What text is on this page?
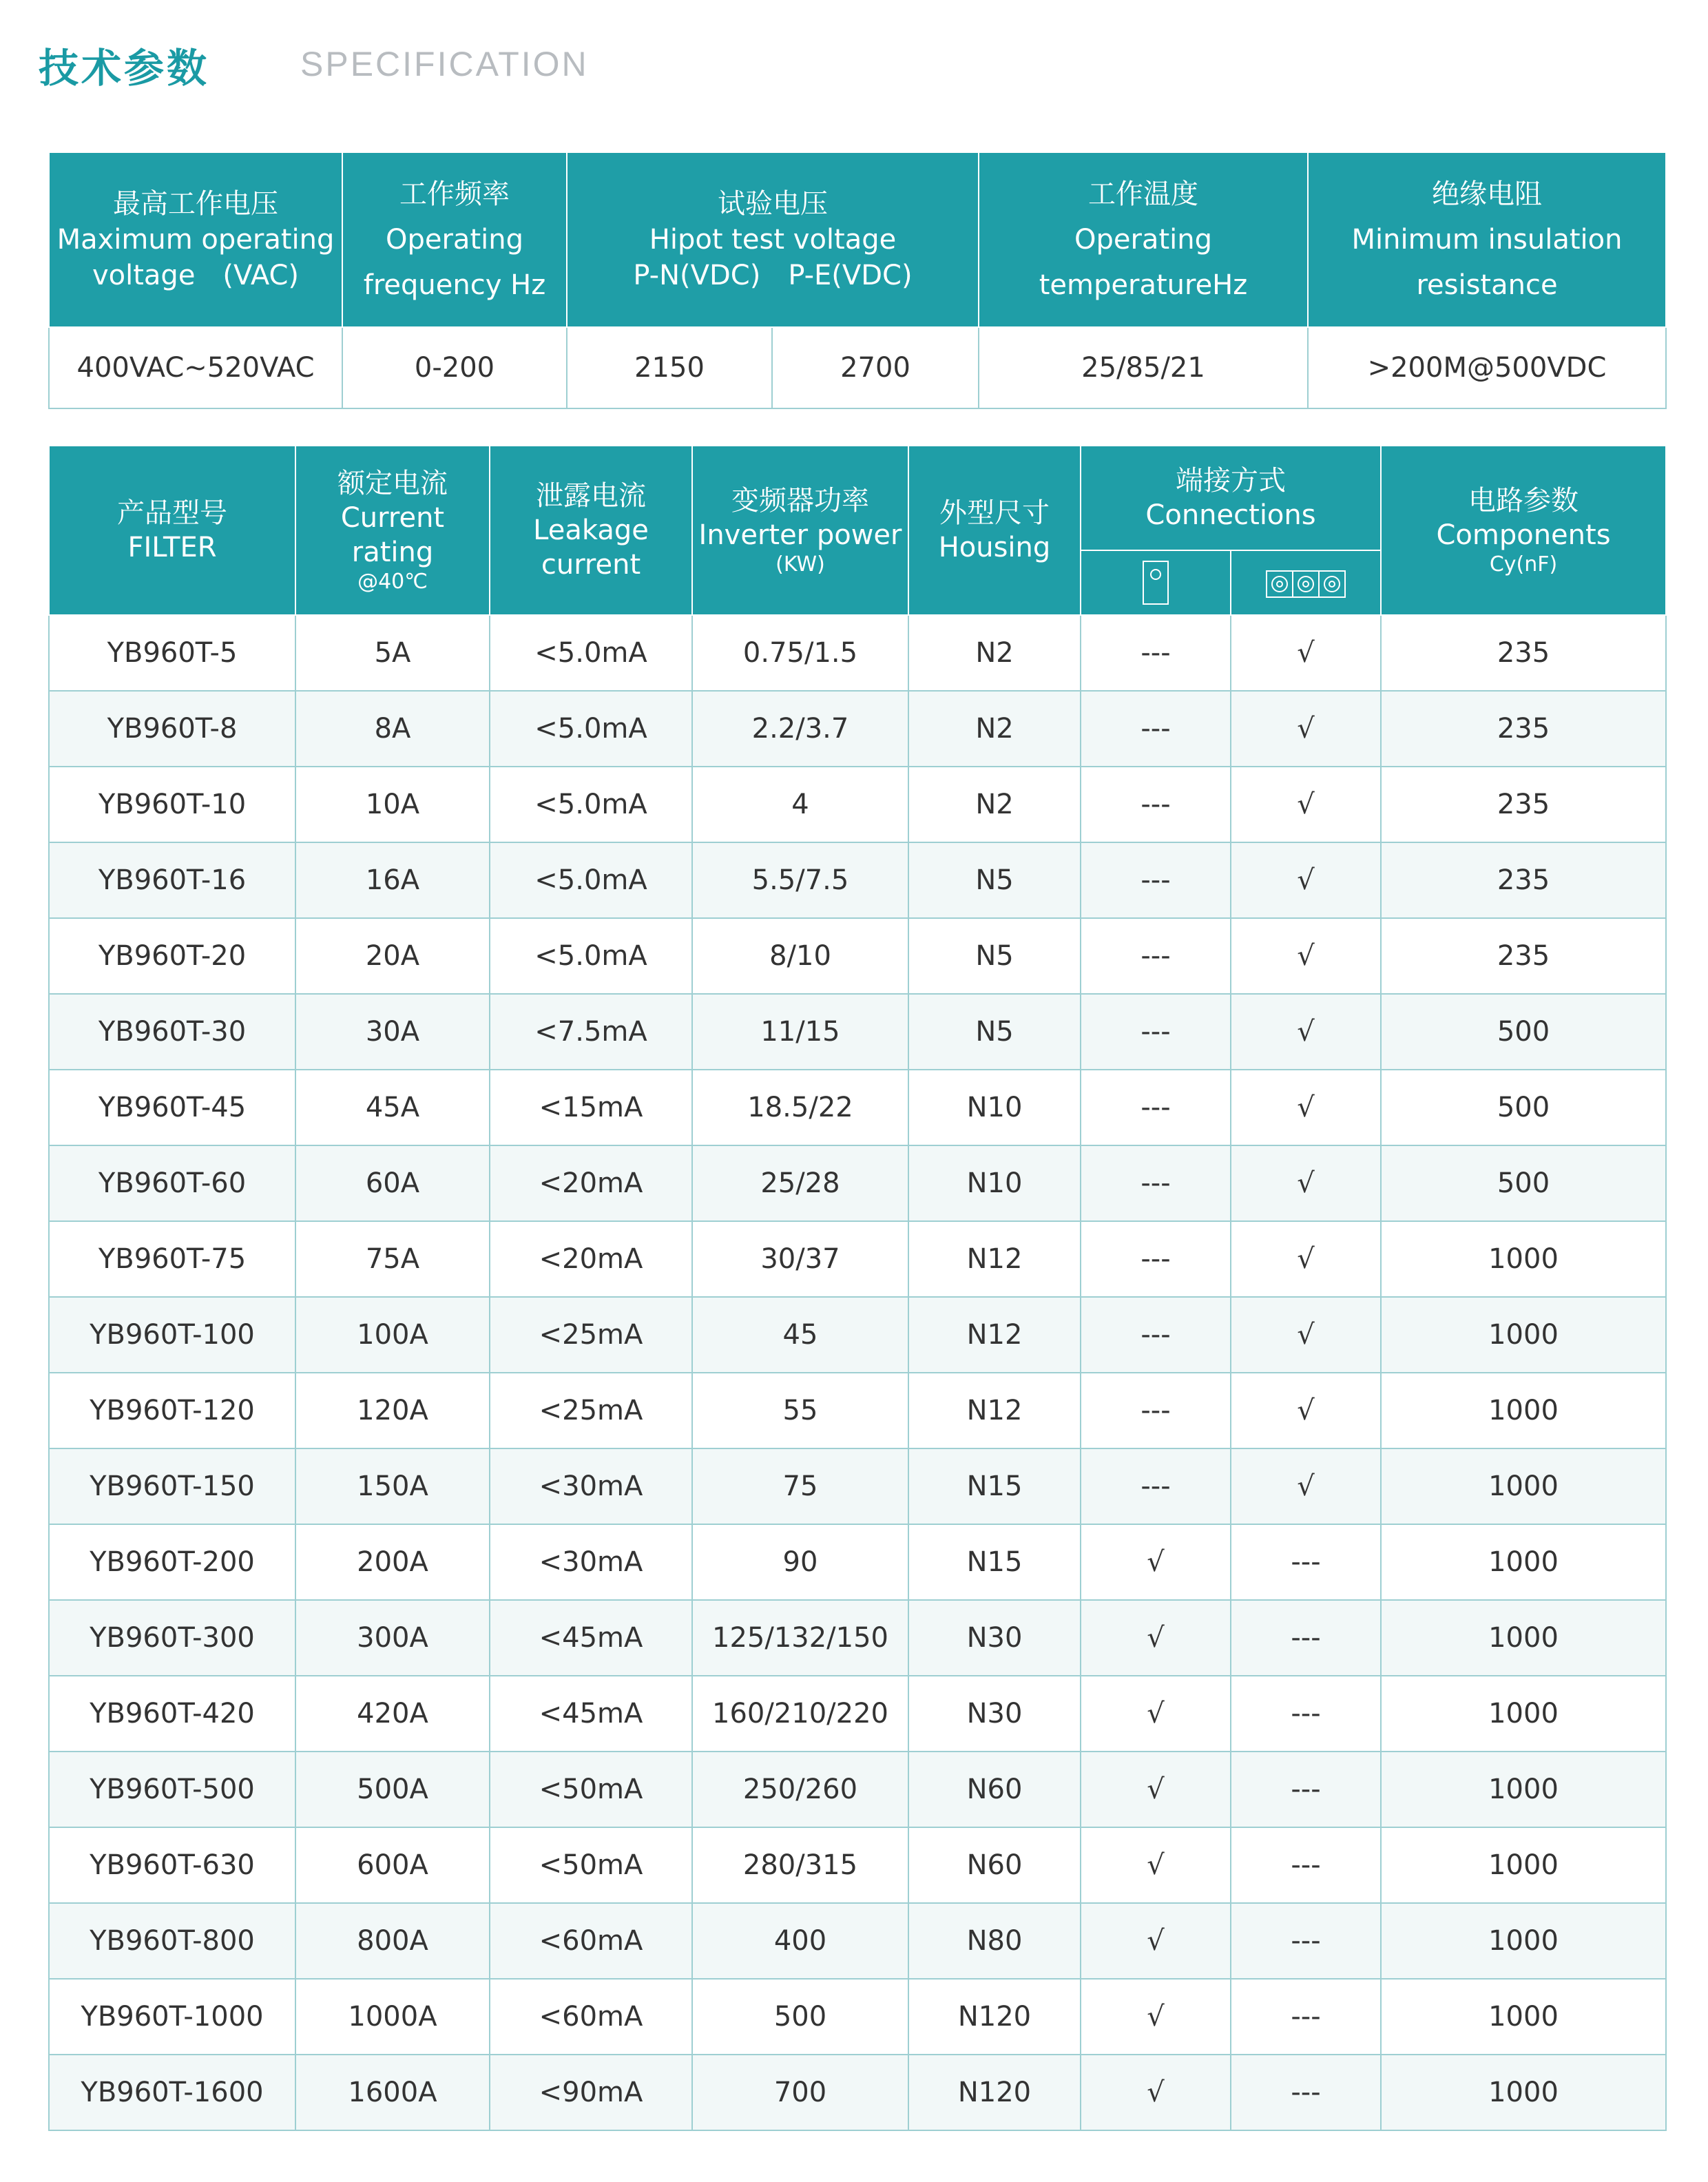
技术参数	SPECIFICATION
最高工作电压
Maximum operating
voltage　(VAC)	工作频率
Operating
frequency Hz	试验电压
Hipot test voltage
P-N(VDC)　P-E(VDC)		工作温度
Operating
temperatureHz	绝缘电阻
Minimum insulation
resistance

400VAC~520VAC	0-200	2150	2700	25/85/21	>200M@500VDC
产品型号
FILTER	额定电流
Current
rating
@40℃	泄露电流
Leakage
current	变频器功率
Inverter power
(KW)	外型尺寸
Housing	端接方式
Connections		电路参数
Components
Cy(nF)

YB960T-5	5A	<5.0mA	0.75/1.5	N2	---	√	235
YB960T-8	8A	<5.0mA	2.2/3.7	N2	---	√	235
YB960T-10	10A	<5.0mA	4	N2	---	√	235
YB960T-16	16A	<5.0mA	5.5/7.5	N5	---	√	235
YB960T-20	20A	<5.0mA	8/10	N5	---	√	235
YB960T-30	30A	<7.5mA	11/15	N5	---	√	500
YB960T-45	45A	<15mA	18.5/22	N10	---	√	500
YB960T-60	60A	<20mA	25/28	N10	---	√	500
YB960T-75	75A	<20mA	30/37	N12	---	√	1000
YB960T-100	100A	<25mA	45	N12	---	√	1000
YB960T-120	120A	<25mA	55	N12	---	√	1000
YB960T-150	150A	<30mA	75	N15	---	√	1000
YB960T-200	200A	<30mA	90	N15	√	---	1000
YB960T-300	300A	<45mA	125/132/150	N30	√	---	1000
YB960T-420	420A	<45mA	160/210/220	N30	√	---	1000
YB960T-500	500A	<50mA	250/260	N60	√	---	1000
YB960T-630	600A	<50mA	280/315	N60	√	---	1000
YB960T-800	800A	<60mA	400	N80	√	---	1000
YB960T-1000	1000A	<60mA	500	N120	√	---	1000
YB960T-1600	1600A	<90mA	700	N120	√	---	1000
